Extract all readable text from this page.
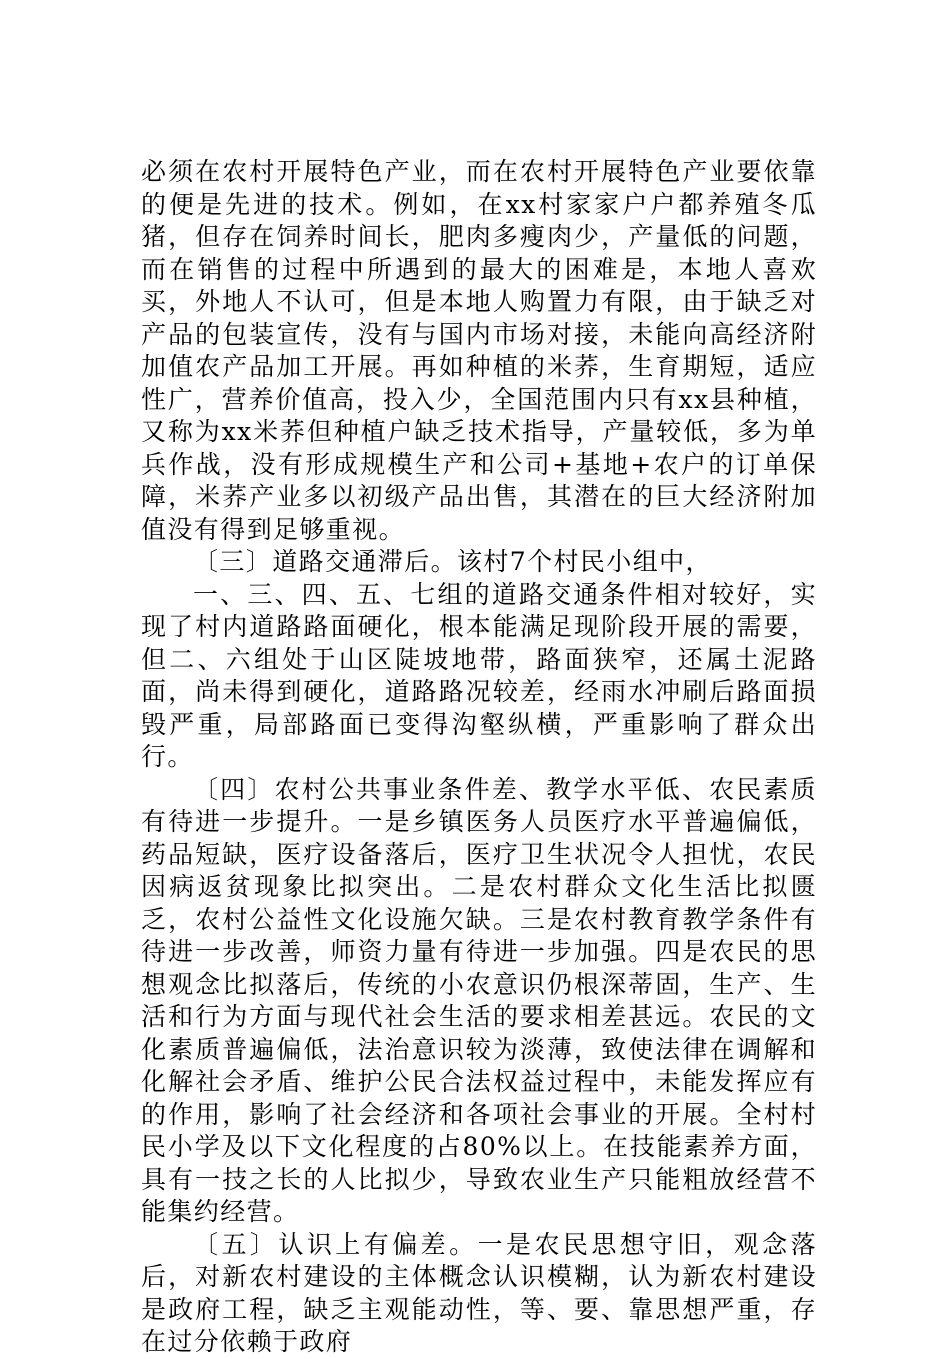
必须在农村开展特色产业，而在农村开展特色产业要依靠的便是先进的技术。例如，在xx村家家户户都养殖冬瓜猪，但存在饲养时间长，肥肉多瘦肉少，产量低的问题，而在销售的过程中所遇到的最大的困难是，本地人喜欢买，外地人不认可，但是本地人购置力有限，由于缺乏对产品的包装宣传，没有与国内市场对接，未能向高经济附加值农产品加工开展。再如种植的米荞，生育期短，适应性广，营养价值高，投入少，全国范围内只有xx县种植，又称为xx米荞但种植户缺乏技术指导，产量较低，多为单兵作战，没有形成规模生产和公司+基地+农户的订单保障，米荞产业多以初级产品出售，其潜在的巨大经济附加值没有得到足够重视。

〔三〕道路交通滞后。该村7个村民小组中，

一、三、四、五、七组的道路交通条件相对较好，实现了村内道路路面硬化，根本能满足现阶段开展的需要，但二、六组处于山区陡坡地带，路面狭窄，还属土泥路面，尚未得到硬化，道路路况较差，经雨水冲刷后路面损毁严重，局部路面已变得沟壑纵横，严重影响了群众出行。

〔四〕农村公共事业条件差、教学水平低、农民素质有待进一步提升。一是乡镇医务人员医疗水平普遍偏低，药品短缺，医疗设备落后，医疗卫生状况令人担忧，农民因病返贫现象比拟突出。二是农村群众文化生活比拟匮乏，农村公益性文化设施欠缺。三是农村教育教学条件有待进一步改善，师资力量有待进一步加强。四是农民的思想观念比拟落后，传统的小农意识仍根深蒂固，生产、生活和行为方面与现代社会生活的要求相差甚远。农民的文化素质普遍偏低，法治意识较为淡薄，致使法律在调解和化解社会矛盾、维护公民合法权益过程中，未能发挥应有的作用，影响了社会经济和各项社会事业的开展。全村村民小学及以下文化程度的占80%以上。在技能素养方面，具有一技之长的人比拟少，导致农业生产只能粗放经营不能集约经营。

〔五〕认识上有偏差。一是农民思想守旧，观念落后，对新农村建设的主体概念认识模糊，认为新农村建设是政府工程，缺乏主观能动性，等、要、靠思想严重，存在过分依赖于政府
